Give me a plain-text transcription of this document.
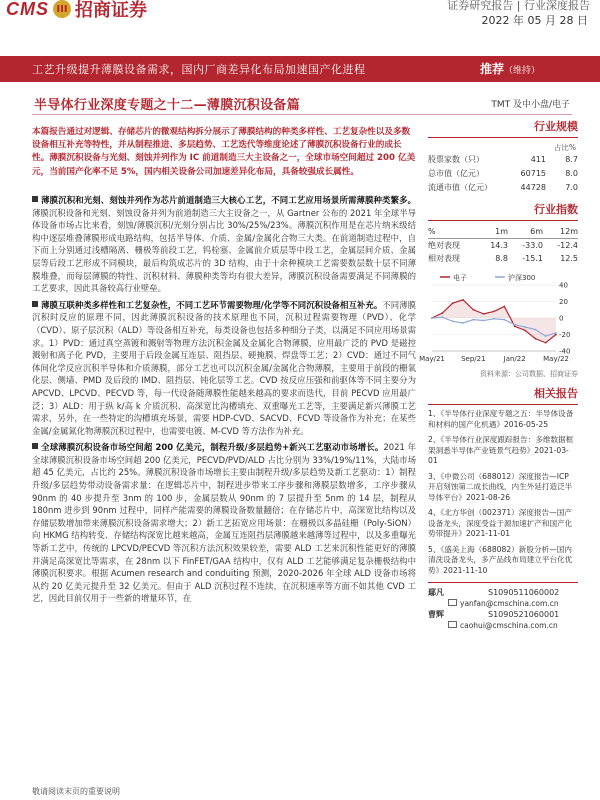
CMS III 招商证券	证券研究报告 | 行业深度报告
2022 年 05 月 28 日
工艺升级提升薄膜设备需求，国内厂商差异化布局加速国产化进程	推荐（维持）
半导体行业深度专题之十二—薄膜沉积设备篇	TMT 及中小盘/电子
本篇报告通过对逻辑、存储芯片的微观结构拆分展示了薄膜结构的种类多样性、工艺复杂性以及多数设备相互补充等特性，并从制程推进、多层趋势、工艺迭代等维度论述了薄膜沉积设备行业的成长性。薄膜沉积设备与光刻、刻蚀并列作为 IC 前道制造三大主设备之一，全球市场空间超过 200 亿美元，当前国产化率不足 5%，国内相关设备公司加速差异化布局，具备较强成长属性。

薄膜沉积和光刻、刻蚀并列作为芯片前道制造三大核心工艺，不同工艺应用场景所需薄膜种类繁多。薄膜沉积设备和光刻、刻蚀设备并列为前道制造三大主设备之一，从 Gartner 公布的 2021 年全球半导体设备市场占比来看，刻蚀/薄膜沉积/光刻分别占比 30%/25%/23%。薄膜沉积作用是在芯片纳米级结构中逐层堆叠薄膜形成电路结构，包括半导体、介质、金属/金属化合物三大类。在前道制造过程中，自下而上分别通过浅槽隔离、栅极等前段工艺，钨栓塞、金属前介质层等中段工艺，金属层间介质、金属层等后段工艺形成不同模块，最后构筑成芯片的 3D 结构，由于十余种模块工艺需要数层数十层不同薄膜堆叠，而每层薄膜的特性、沉积材料、薄膜种类等均有很大差异，薄膜沉积设备需要满足不同薄膜的工艺要求，因此具备较高行业壁垒。

薄膜互联种类多样性和工艺复杂性，不同工艺环节需要物理/化学等不同沉积设备相互补充。不同薄膜沉积时反应的原理不同，因此薄膜沉积设备的技术原理也不同，沉积过程需要物理（PVD）、化学（CVD）、原子层沉积（ALD）等设备相互补充，每类设备也包括多种细分子类，以满足不同应用场景需求。1）PVD：通过真空蒸镀和溅射等物理方法沉积金属及金属化合物薄膜，应用最广泛的 PVD 是磁控溅射和离子化 PVD，主要用于后段金属互连层、阻挡层、硬掩膜、焊盘等工艺；2）CVD：通过不同气体间化学反应沉积半导体和介质薄膜，部分工艺也可以沉积金属/金属化合物薄膜，主要用于前段的栅氧化层、侧墙、PMD 及后段的 IMD、阻挡层、钝化层等工艺。CVD 按反应压强和前驱体等不同主要分为 APCVD、LPCVD、PECVD 等，每一代设备随薄膜性能越来越高的要求而迭代，目前 PECVD 应用最广泛；3）ALD：用于纵 k/高 k 介质沉积、高深宽比沟槽填充、双重曝光工艺等，主要满足新兴薄膜工艺需求，另外，在一些特定的沟槽填充场景，需要 HDP-CVD、SACVD、FCVD 等设备作为补充；在某些金属/金属氮化物薄膜沉积过程中，也需要电镀、M-CVD 等方法作为补充。

全球薄膜沉积设备市场空间超 200 亿美元，制程升级/多层趋势+新兴工艺驱动市场增长。2021 年全球薄膜沉积设备市场空间超 200 亿美元，PECVD/PVD/ALD 占比分别为 33%/19%/11%，大陆市场超 45 亿美元，占比约 25%。薄膜沉积设备市场增长主要由制程升级/多层趋势及新工艺驱动：1）制程升级/多层趋势带动设备需求量：在逻辑芯片中，制程进步带来工序步骤和薄膜层数增多，工序步骤从 90nm 的 40 步提升至 3nm 的 100 步，金属层数从 90nm 的 7 层提升至 5nm 的 14 层，制程从 180nm 进步到 90nm 过程中，同样产能需要的薄膜设备数量翻倍；在存储芯片中，高深宽比结构以及存储层数增加带来薄膜沉积设备需求增大；2）新工艺拓宽应用场景：在栅极以多晶硅栅（Poly-SiON）向 HKMG 结构转变、存储结构深宽比越来越高，金属互连阻挡层薄膜越来越薄等过程中，以及多重曝光等新工艺中，传统的 LPCVD/PECVD 等沉积方法沉积效果较差，需要 ALD 工艺来沉积性能更好的薄膜并满足高深宽比等需求，在 28nm 以下 FinFET/GAA 结构中，仅有 ALD 工艺能够满足复杂栅极结构中薄膜沉积要求。根据 Acumen research and conduiting 预测，2020-2026 年全球 ALD 设备市场将从约 20 亿美元提升至 32 亿美元。但由于 ALD 沉积过程不连续，在沉积速率等方面不如其他 CVD 工艺，因此目前仅用于一些新的增量环节，在

行业规模
占比%
股票家数（只）	411	8.7
总市值（亿元）	60715	8.0
流通市值（亿元）	44728	7.0
行业指数
%	1m	6m	12m
绝对表现	14.3	-33.0	-12.4
相对表现	8.8	-15.1	12.5
电子	沪深300
40
20
0
-20
-40
May/21 Sep/21	Jan/22 May/22
资料来源：公司数据、招商证券
相关报告
1、《半导体行业深度专题之五：半导体设备和材料的国产化机遇》2016-05-25
2、《半导体行业深度跟踪报告：多维数据框架洞悉半导体产业链景气趋势》2021-03-01
3、《中微公司（688012）深度报告—ICP 开启刻蚀第二成长曲线，内生外延打造泛半导体平台》2021-08-26
4、《北方华创（002371）深度报告—国产设备龙头，深度受益于源加速扩产和国产化势带提升》2021-11-01
5、《盛美上海（688082）新股分析—国内清洗设备龙头，多产品线布局建立平台化优势》2021-11-10
鄢凡	S1090511060002
yanfan@cmschina.com.cn
曹辉	S1090521060001
caohui@cmschina.com.cn
敬请阅读末页的重要说明
